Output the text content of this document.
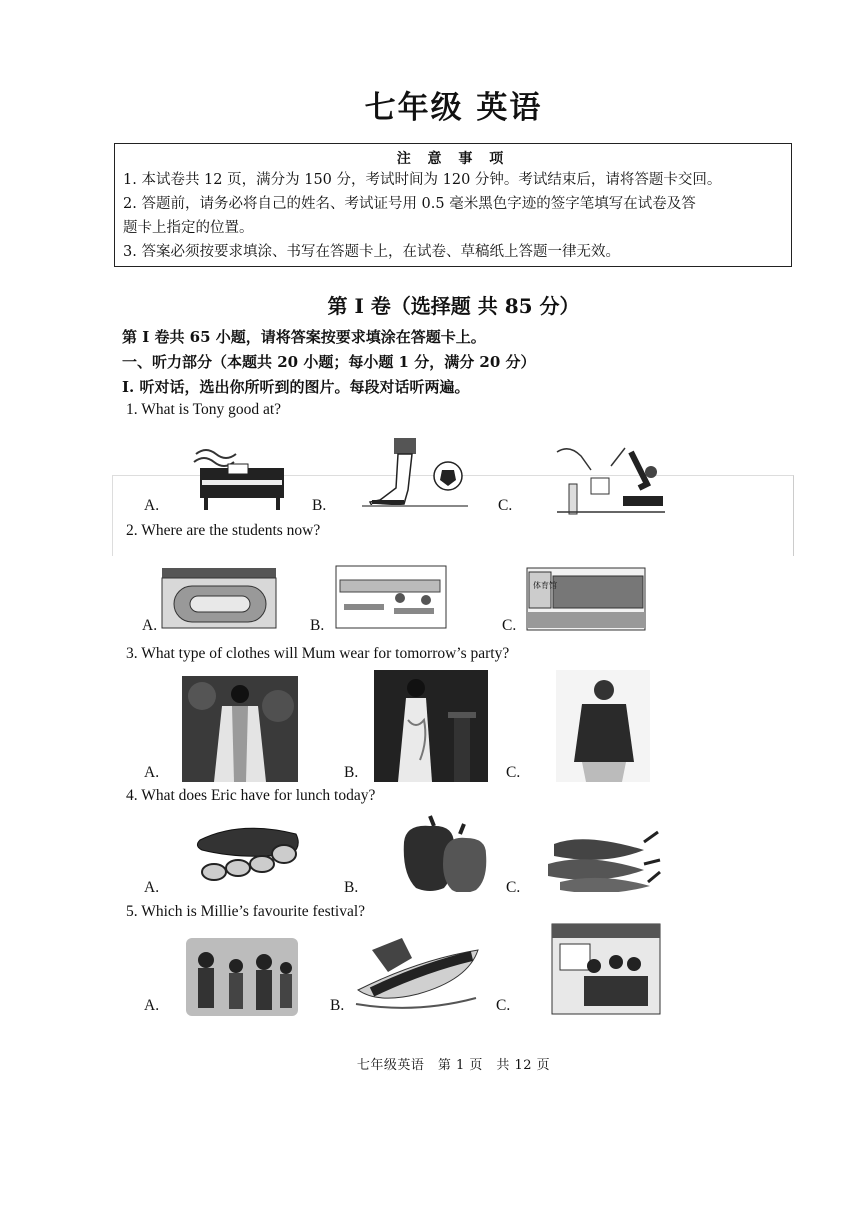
七年级 英语
注 意 事 项
1. 本试卷共 12 页，满分为 150 分，考试时间为 120 分钟。考试结束后，请将答题卡交回。
2. 答题前，请务必将自己的姓名、考试证号用 0.5 毫米黑色字迹的签字笔填写在试卷及答
题卡上指定的位置。
3. 答案必须按要求填涂、书写在答题卡上，在试卷、草稿纸上答题一律无效。
第 I 卷（选择题 共 85 分）
第 I 卷共 65 小题，请将答案按要求填涂在答题卡上。
一、听力部分（本题共 20 小题；每小题 1 分，满分 20 分）
Ⅰ. 听对话，选出你所听到的图片。每段对话听两遍。
1. What is Tony good at?
A.	B.	C.
2. Where are the students now?
A.	B.	C.
体育馆
3. What type of clothes will Mum wear for tomorrow’s party?
A.	B.	C.
4. What does Eric have for lunch today?
A.	B.	C.
5. Which is Millie’s favourite festival?
A.	B.	C.
七年级英语　第 1 页　共 12 页
